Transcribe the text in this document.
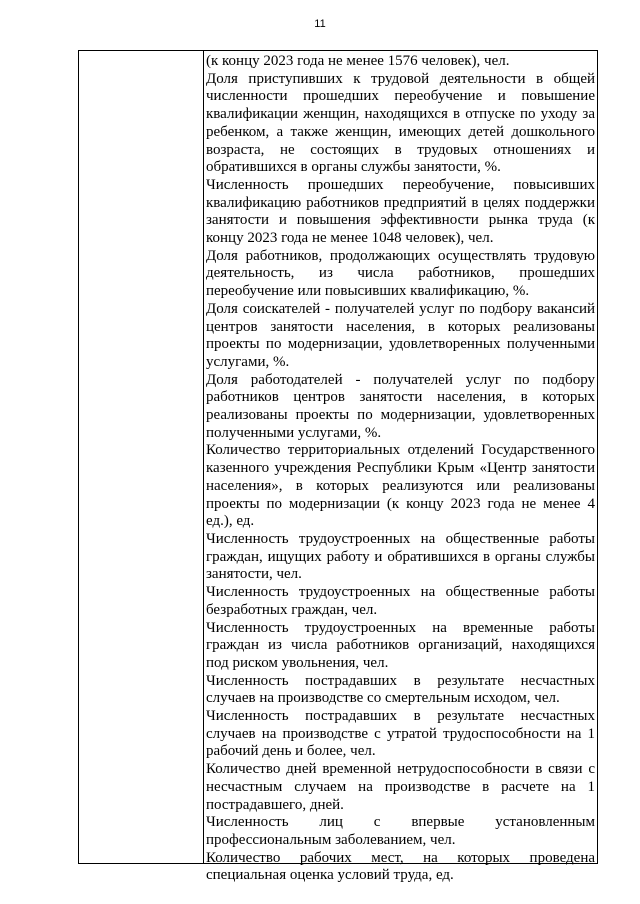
11

(к концу 2023 года не менее 1576 человек), чел.

Доля приступивших к трудовой деятельности в общей численности прошедших переобучение и повышение квалификации женщин, находящихся в отпуске по уходу за ребенком, а также женщин, имеющих детей дошкольного возраста, не состоящих в трудовых отношениях и обратившихся в органы службы занятости, %.

Численность прошедших переобучение, повысивших квалификацию работников предприятий в целях поддержки занятости и повышения эффективности рынка труда (к концу 2023 года не менее 1048 человек), чел.

Доля работников, продолжающих осуществлять трудовую деятельность, из числа работников, прошедших переобучение или повысивших квалификацию, %.

Доля соискателей - получателей услуг по подбору вакансий центров занятости населения, в которых реализованы проекты по модернизации, удовлетворенных полученными услугами, %.

Доля работодателей - получателей услуг по подбору работников центров занятости населения, в которых реализованы проекты по модернизации, удовлетворенных полученными услугами, %.

Количество территориальных отделений Государственного казенного учреждения Республики Крым «Центр занятости населения», в которых реализуются или реализованы проекты по модернизации (к концу 2023 года не менее 4 ед.), ед.

Численность трудоустроенных на общественные работы граждан, ищущих работу и обратившихся в органы службы занятости, чел.

Численность трудоустроенных на общественные работы безработных граждан, чел.

Численность трудоустроенных на временные работы граждан из числа работников организаций, находящихся под риском увольнения, чел.

Численность пострадавших в результате несчастных случаев на производстве со смертельным исходом, чел.

Численность пострадавших в результате несчастных случаев на производстве с утратой трудоспособности на 1 рабочий день и более, чел.

Количество дней временной нетрудоспособности в связи с несчастным случаем на производстве в расчете на 1 пострадавшего, дней.

Численность лиц с впервые установленным профессиональным заболеванием, чел.

Количество рабочих мест, на которых проведена специальная оценка условий труда, ед.
